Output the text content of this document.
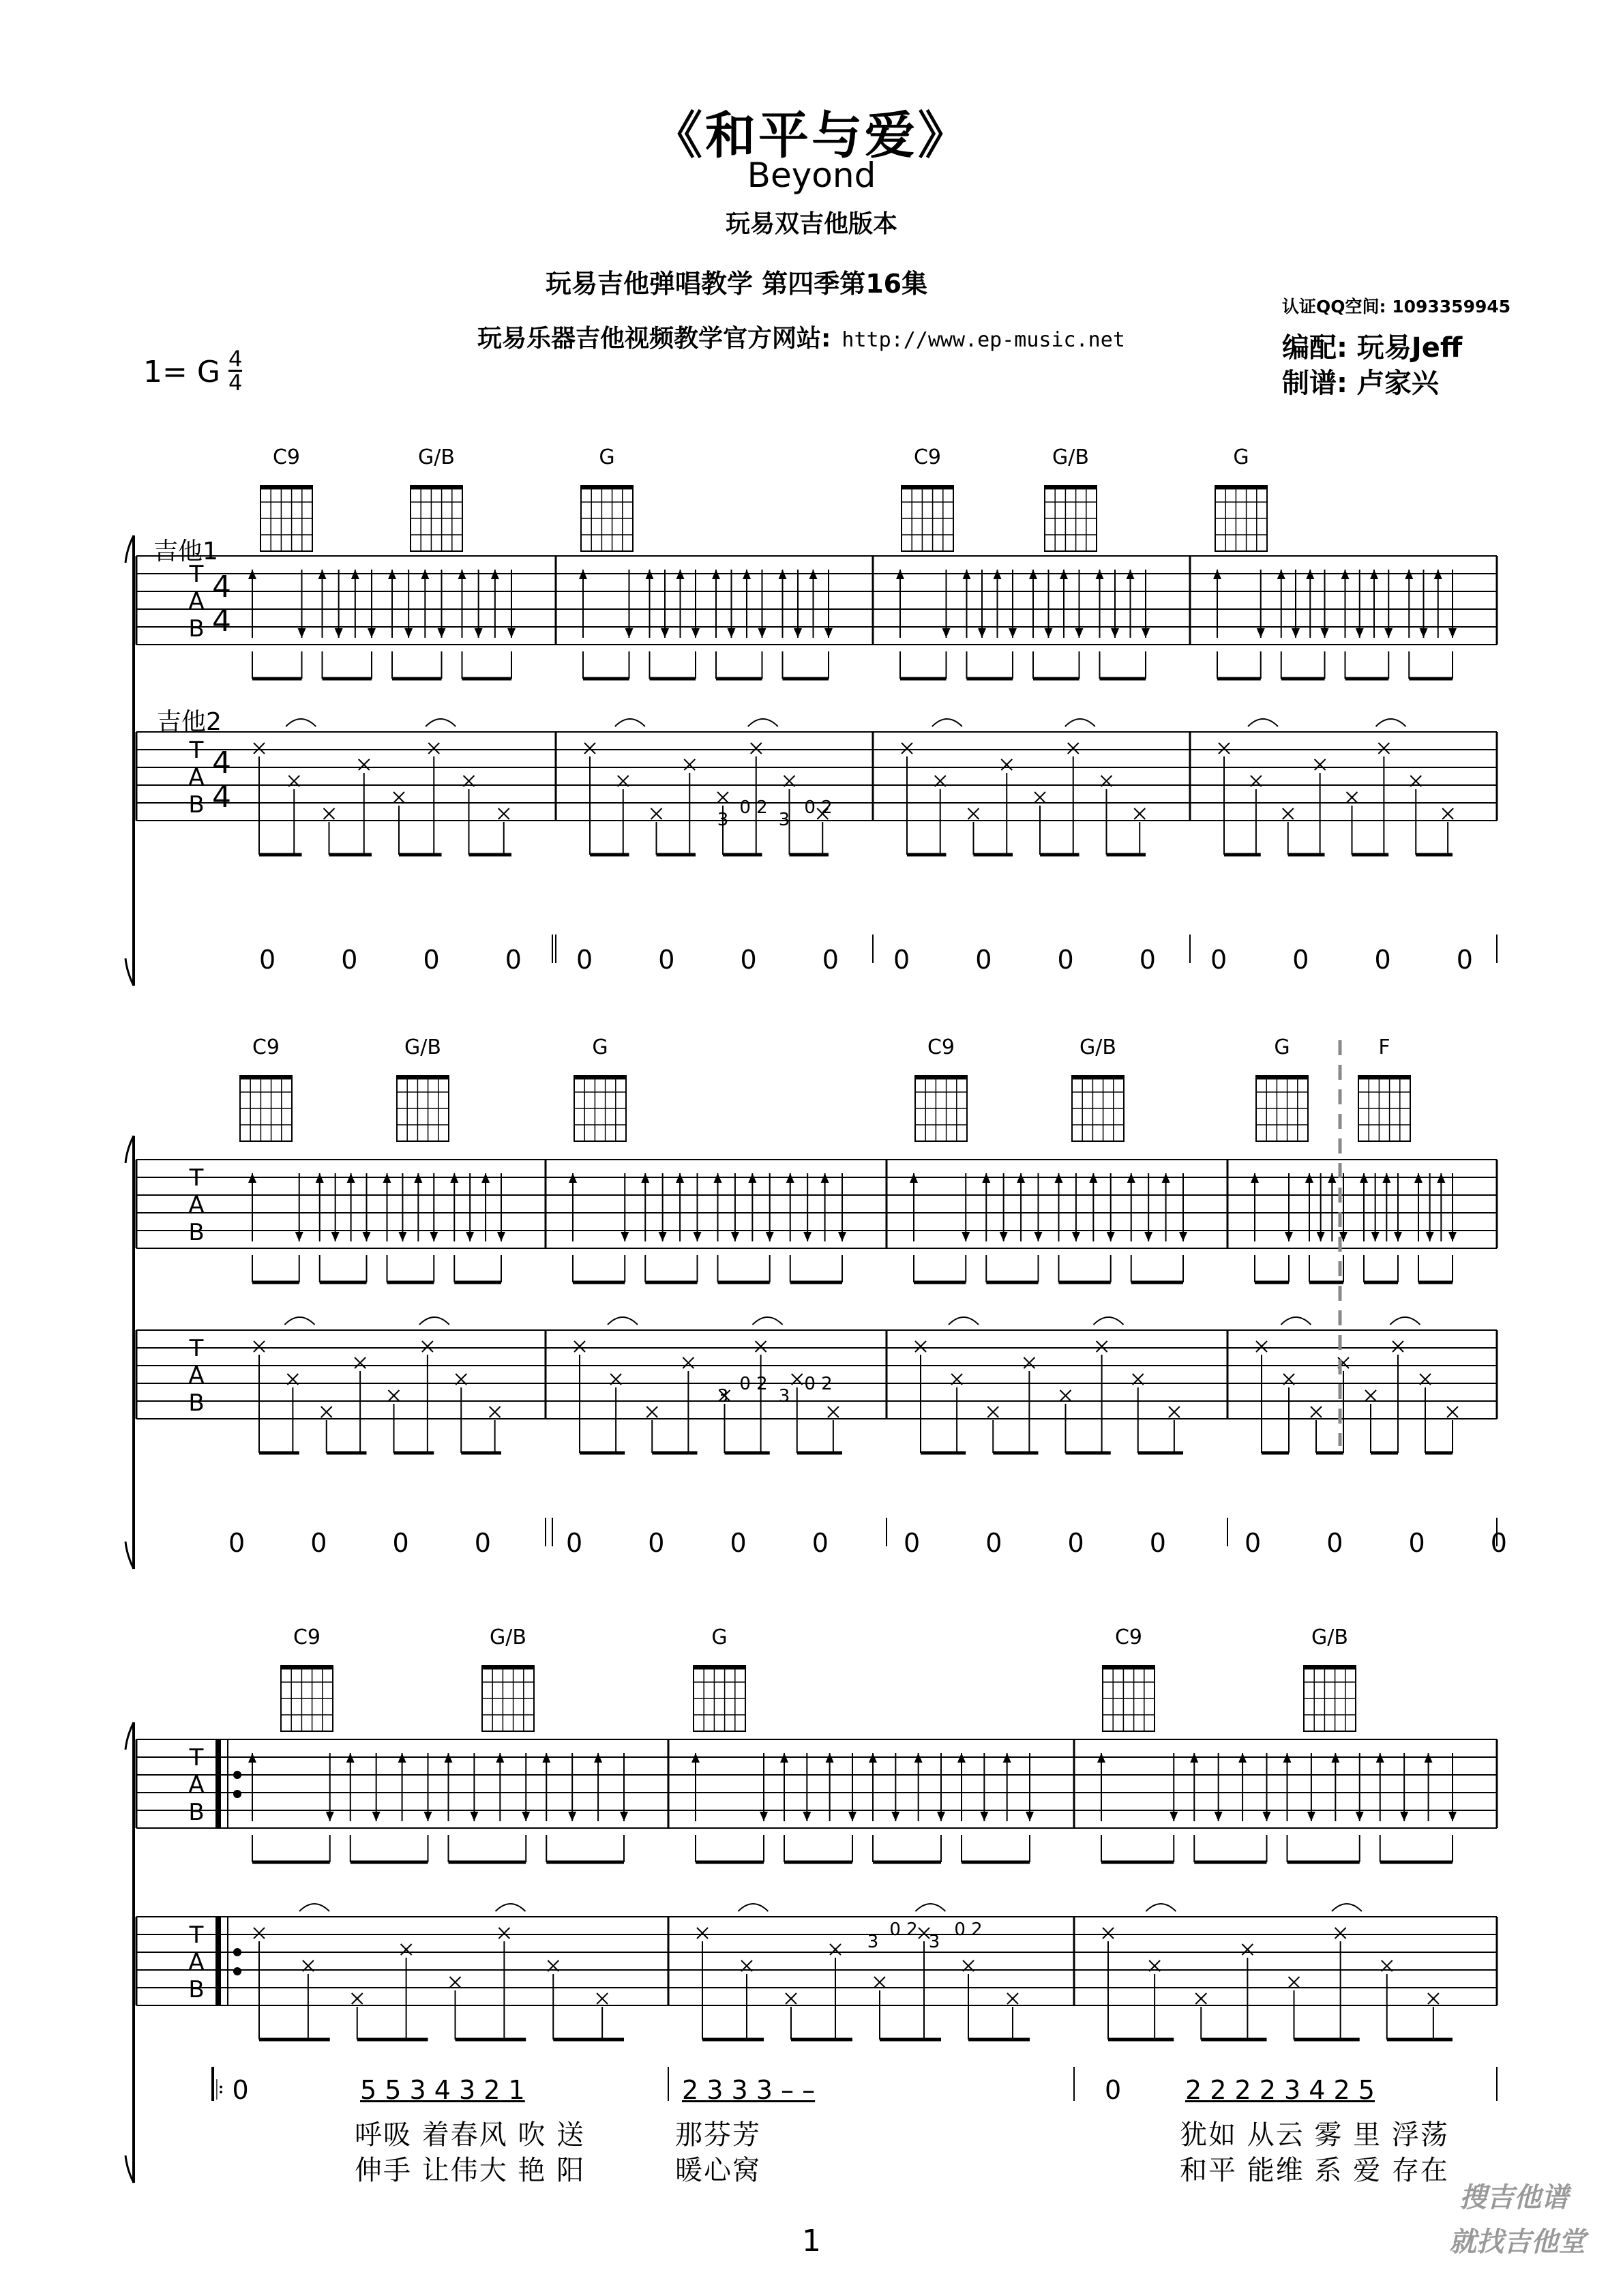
《和平与爱》
Beyond
玩易双吉他版本
玩易吉他弹唱教学 第四季第16集
玩易乐器吉他视频教学官方网站: http://www.ep-music.net
认证QQ空间: 1093359945
编配: 玩易Jeff
制谱: 卢家兴
1= G $\frac{4}{4}$
T
A
B
T
A
B
4
4
4
4
T
A
B
T
A
B
T
A
B
T
A
B
C9	G/B	G	C9	G/B	G
C9	G/B	G	C9	G/B	G	F
C9	G/B	G	C9	G/B
3
0 2
3
0 2
3
0 2
3
0 2
3
0 2
3
0 2
吉他1
吉他2
0 0 0 0 0 0 0 0 0 0 0 0 0 0 0 0
0 0 0 0 0 0 0 0 0 0 0 0 0 0 0 0
𝄆 0	5 5 3 4 3 2 1	2 3 3 3 – –	0 2 2 2 2 3 4 2 5
呼吸 着春风 吹 送	那芬芳	犹如 从云 雾 里 浮荡
伸手 让伟大 艳 阳	暖心窝	和平 能维 系 爱 存在
1
搜吉他谱
就找吉他堂
